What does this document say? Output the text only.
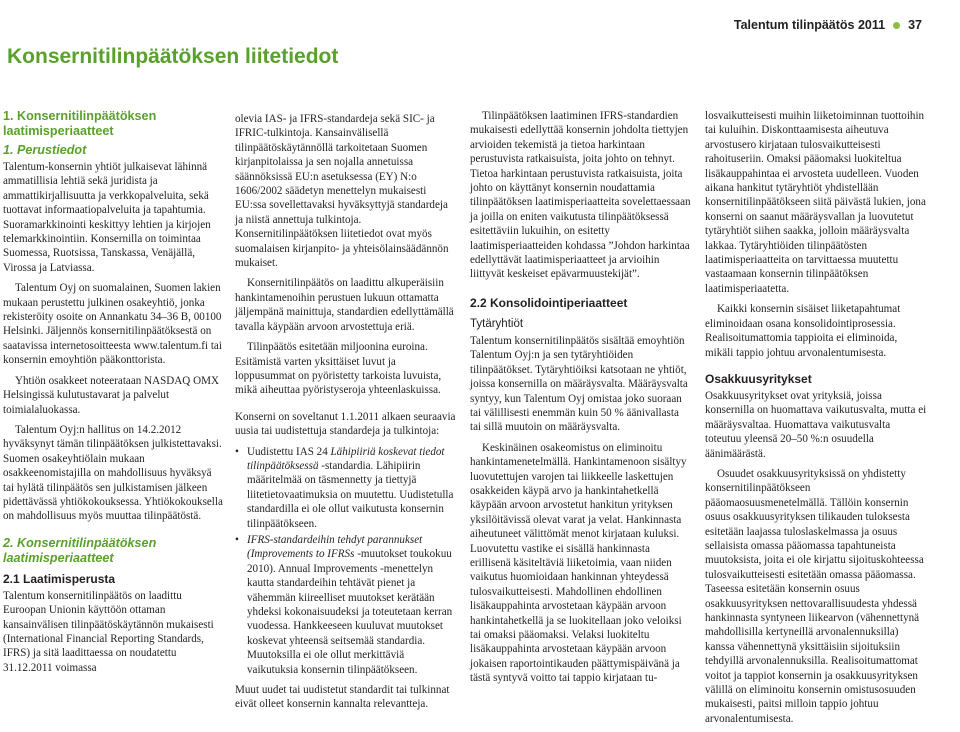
Talentum tilinpäätös 2011 37
Konsernitilinpäätöksen liitetiedot
1. Konsernitilinpäätöksen
laatimisperiaatteet
1. Perustiedot

Talentum-konsernin yhtiöt julkaisevat lähinnä ammatillisia lehtiä sekä juridista ja ammattikirjallisuutta ja verkkopalveluita, sekä tuottavat informaatiopalveluita ja tapahtumia. Suoramarkkinointi keskittyy lehtien ja kirjojen telemarkkinointiin. Konsernilla on toimintaa Suomessa, Ruotsissa, Tanskassa, Venäjällä, Virossa ja Latviassa.

Talentum Oyj on suomalainen, Suomen lakien mukaan perustettu julkinen osakeyhtiö, jonka rekisteröity osoite on Annankatu 34–36 B, 00100 Helsinki. Jäljennös konsernitilinpäätöksestä on saatavissa internetosoitteesta www.talentum.fi tai konsernin emoyhtiön pääkonttorista.

Yhtiön osakkeet noteerataan NASDAQ OMX Helsingissä kulutustavarat ja palvelut toimialaluokassa.

Talentum Oyj:n hallitus on 14.2.2012 hyväksynyt tämän tilinpäätöksen julkistettavaksi. Suomen osakeyhtiölain mukaan osakkeenomistajilla on mahdollisuus hyväksyä tai hylätä tilinpäätös sen julkistamisen jälkeen pidettävässä yhtiökokouksessa. Yhtiökokouksella on mahdollisuus myös muuttaa tilinpäätöstä.

2. Konsernitilinpäätöksen
laatimisperiaatteet
2.1 Laatimisperusta

Talentum konsernitilinpäätös on laadittu Euroopan Unionin käyttöön ottaman kansainvälisen tilinpäätöskäytännön mukaisesti (International Financial Reporting Standards, IFRS) ja sitä laadittaessa on noudatettu 31.12.2011 voimassa

olevia IAS- ja IFRS-standardeja sekä SIC- ja IFRIC-tulkintoja. Kansainvälisellä tilinpäätöskäytännöllä tarkoitetaan Suomen kirjanpitolaissa ja sen nojalla annetuissa säännöksissä EU:n asetuksessa (EY) N:o 1606/2002 säädetyn menettelyn mukaisesti EU:ssa sovellettavaksi hyväksyttyjä standardeja ja niistä annettuja tulkintoja. Konsernitilinpäätöksen liitetiedot ovat myös suomalaisen kirjanpito- ja yhteisölainsäädännön mukaiset.

Konsernitilinpäätös on laadittu alkuperäisiin hankintamenoihin perustuen lukuun ottamatta jäljempänä mainittuja, standardien edellyttämällä tavalla käypään arvoon arvostettuja eriä.

Tilinpäätös esitetään miljoonina euroina. Esitämistä varten yksittäiset luvut ja loppusummat on pyöristetty tarkoista luvuista, mikä aiheuttaa pyöristyseroja yhteenlaskuissa.

Konserni on soveltanut 1.1.2011 alkaen seuraavia uusia tai uudistettuja standardeja ja tulkintoja:

• Uudistettu IAS 24 Lähipiiriä koskevat tiedot tilinpäätöksessä -standardia. Lähipiirin määritelmää on täsmennetty ja tiettyjä liitetietovaatimuksia on muutettu. Uudistetulla standardilla ei ole ollut vaikutusta konsernin tilinpäätökseen.
• IFRS-standardeihin tehdyt parannukset (Improvements to IFRSs -muutokset toukokuu 2010). Annual Improvements -menettelyn kautta standardeihin tehtävät pienet ja vähemmän kiireelliset muutokset kerätään yhdeksi kokonaisuudeksi ja toteutetaan kerran vuodessa. Hankkeeseen kuuluvat muutokset koskevat yhteensä seitsemää standardia. Muutoksilla ei ole ollut merkittäviä vaikutuksia konsernin tilinpäätökseen.

Muut uudet tai uudistetut standardit tai tulkinnat eivät olleet konsernin kannalta relevantteja.

Tilinpäätöksen laatiminen IFRS-standardien mukaisesti edellyttää konsernin johdolta tiettyjen arvioiden tekemistä ja tietoa harkintaan perustuvista ratkaisuista, joita johto on tehnyt. Tietoa harkintaan perustuvista ratkaisuista, joita johto on käyttänyt konsernin noudattamia tilinpäätöksen laatimisperiaatteita sovelettaessaan ja joilla on eniten vaikutusta tilinpäätöksessä esitettäviin lukuihin, on esitetty laatimisperiaatteiden kohdassa ”Johdon harkintaa edellyttävät laatimisperiaatteet ja arvioihin liittyvät keskeiset epävarmuustekijät”.

2.2 Konsolidointiperiaatteet
Tytäryhtiöt

Talentum konsernitilinpäätös sisältää emoyhtiön Talentum Oyj:n ja sen tytäryhtiöiden tilinpäätökset. Tytäryhtiöiksi katsotaan ne yhtiöt, joissa konsernilla on määräysvalta. Määräysvalta syntyy, kun Talentum Oyj omistaa joko suoraan tai välillisesti enemmän kuin 50 % äänivallasta tai sillä muutoin on määräysvalta.

Keskinäinen osakeomistus on eliminoitu hankintamenetelmällä. Hankintamenoon sisältyy luovutettujen varojen tai liikkeelle laskettujen osakkeiden käypä arvo ja hankintahetkellä käypään arvoon arvostetut hankitun yrityksen yksilöitävissä olevat varat ja velat. Hankinnasta aiheutuneet välittömät menot kirjataan kuluksi. Luovutettu vastike ei sisällä hankinnasta erillisenä käsiteltäviä liiketoimia, vaan niiden vaikutus huomioidaan hankinnan yhteydessä tulosvaikutteisesti. Mahdollinen ehdollinen lisäkauppahinta arvostetaan käypään arvoon hankintahetkellä ja se luokitellaan joko veloiksi tai omaksi pääomaksi. Velaksi luokiteltu lisäkauppahinta arvostetaan käypään arvoon jokaisen raportointikauden päättymispäivänä ja tästä syntyvä voitto tai tappio kirjataan tu-

losvaikutteisesti muihin liiketoiminnan tuottoihin tai kuluihin. Diskonttaamisesta aiheutuva arvostusero kirjataan tulosvaikutteisesti rahoituseriin. Omaksi pääomaksi luokiteltua lisäkauppahintaa ei arvosteta uudelleen. Vuoden aikana hankitut tytäryhtiöt yhdistellään konsernitilinpäätökseen siitä päivästä lukien, jona konserni on saanut määräysvallan ja luovutetut tytäryhtiöt siihen saakka, jolloin määräysvalta lakkaa. Tytäryhtiöiden tilinpäätösten laatimisperiaatteita on tarvittaessa muutettu vastaamaan konsernin tilinpäätöksen laatimisperiaatetta.

Kaikki konsernin sisäiset liiketapahtumat eliminoidaan osana konsolidointiprosessia. Realisoitumattomia tappioita ei eliminoida, mikäli tappio johtuu arvonalentumisesta.

Osakkuusyritykset

Osakkuusyritykset ovat yrityksiä, joissa konsernilla on huomattava vaikutusvalta, mutta ei määräysvaltaa. Huomattava vaikutusvalta toteutuu yleensä 20–50 %:n osuudella äänimäärästä.

Osuudet osakkuusyrityksissä on yhdistetty konsernitilinpäätökseen pääomaosuusmenetelmällä. Tällöin konsernin osuus osakkuusyrityksen tilikauden tuloksesta esitetään laajassa tuloslaskelmassa ja osuus sellaisista omassa pääomassa tapahtuneista muutoksista, joita ei ole kirjattu sijoituskohteessa tulosvaikutteisesti esitetään omassa pääomassa. Taseessa esitetään konsernin osuus osakkuusyrityksen nettovarallisuudesta yhdessä hankinnasta syntyneen liikearvon (vähennettynä mahdollisilla kertyneillä arvonalennuksilla) kanssa vähennettynä yksittäisiin sijoituksiin tehdyillä arvonalennuksilla. Realisoitumattomat voitot ja tappiot konsernin ja osakkuusyrityksen välillä on eliminoitu konsernin omistusosuuden mukaisesti, paitsi milloin tappio johtuu arvonalentumisesta.
